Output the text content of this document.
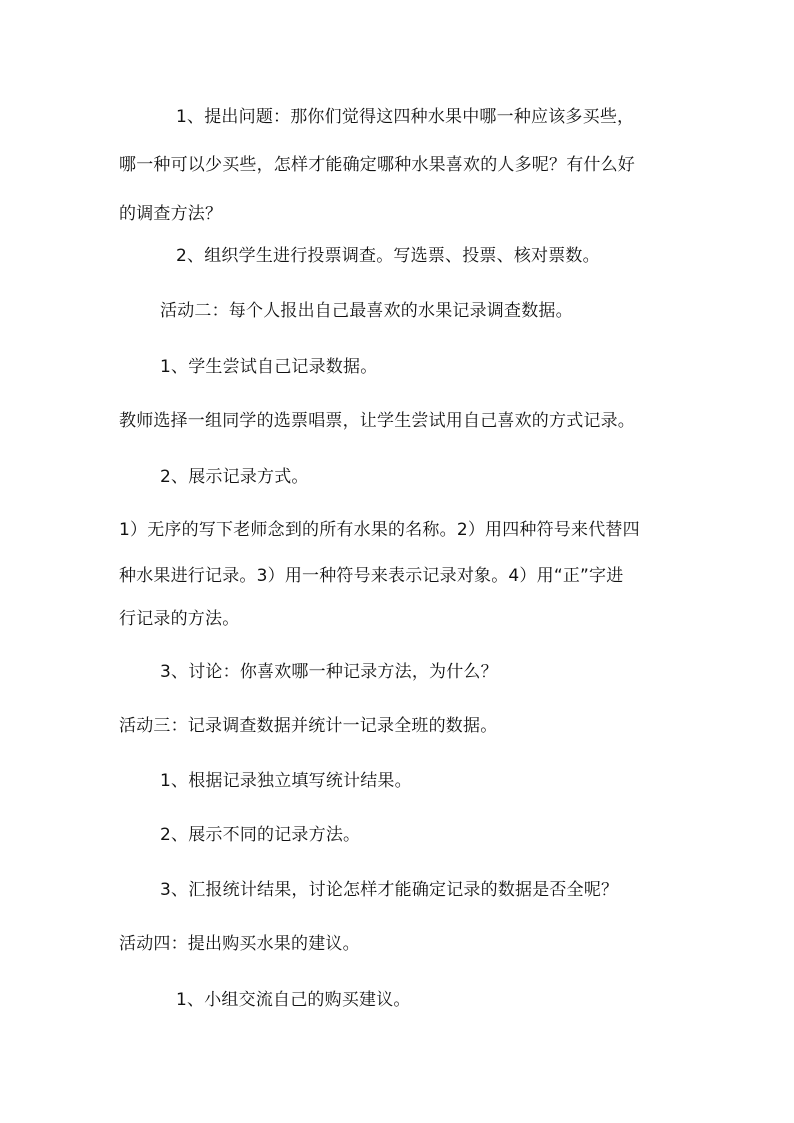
1、提出问题：那你们觉得这四种水果中哪一种应该多买些，

哪一种可以少买些，怎样才能确定哪种水果喜欢的人多呢？有什么好

的调查方法？

2、组织学生进行投票调查。写选票、投票、核对票数。

活动二：每个人报出自己最喜欢的水果记录调查数据。

1、学生尝试自己记录数据。

教师选择一组同学的选票唱票，让学生尝试用自己喜欢的方式记录。

2、展示记录方式。

1）无序的写下老师念到的所有水果的名称。2）用四种符号来代替四

种水果进行记录。3）用一种符号来表示记录对象。4）用“正”字进

行记录的方法。

3、讨论：你喜欢哪一种记录方法，为什么？

活动三：记录调查数据并统计一记录全班的数据。

1、根据记录独立填写统计结果。

2、展示不同的记录方法。

3、汇报统计结果，讨论怎样才能确定记录的数据是否全呢？

活动四：提出购买水果的建议。

1、小组交流自己的购买建议。
